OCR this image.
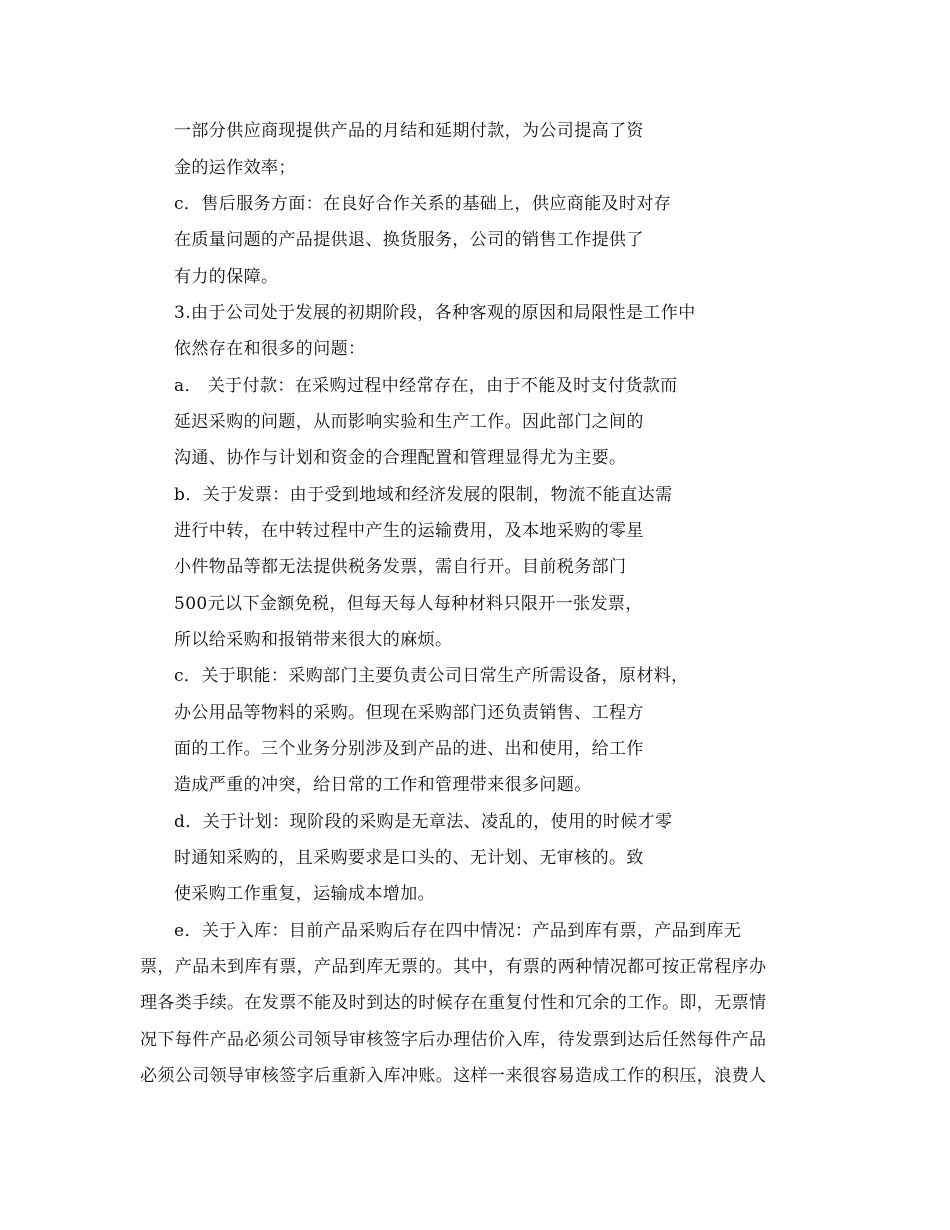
一部分供应商现提供产品的月结和延期付款，为公司提高了资
金的运作效率；
c．售后服务方面：在良好合作关系的基础上，供应商能及时对存
在质量问题的产品提供退、换货服务，公司的销售工作提供了
有力的保障。
3.由于公司处于发展的初期阶段，各种客观的原因和局限性是工作中
依然存在和很多的问题：
a． 关于付款：在采购过程中经常存在，由于不能及时支付货款而
延迟采购的问题，从而影响实验和生产工作。因此部门之间的
沟通、协作与计划和资金的合理配置和管理显得尤为主要。
b．关于发票：由于受到地域和经济发展的限制，物流不能直达需
进行中转，在中转过程中产生的运输费用，及本地采购的零星
小件物品等都无法提供税务发票，需自行开。目前税务部门
500元以下金额免税，但每天每人每种材料只限开一张发票，
所以给采购和报销带来很大的麻烦。
c．关于职能：采购部门主要负责公司日常生产所需设备，原材料，
办公用品等物料的采购。但现在采购部门还负责销售、工程方
面的工作。三个业务分别涉及到产品的进、出和使用，给工作
造成严重的冲突，给日常的工作和管理带来很多问题。
d．关于计划：现阶段的采购是无章法、凌乱的，使用的时候才零
时通知采购的，且采购要求是口头的、无计划、无审核的。致
使采购工作重复，运输成本增加。
e．关于入库：目前产品采购后存在四中情况：产品到库有票，产品到库无
票，产品未到库有票，产品到库无票的。其中，有票的两种情况都可按正常程序办
理各类手续。在发票不能及时到达的时候存在重复付性和冗余的工作。即，无票情
况下每件产品必须公司领导审核签字后办理估价入库，待发票到达后任然每件产品
必须公司领导审核签字后重新入库冲账。这样一来很容易造成工作的积压，浪费人
